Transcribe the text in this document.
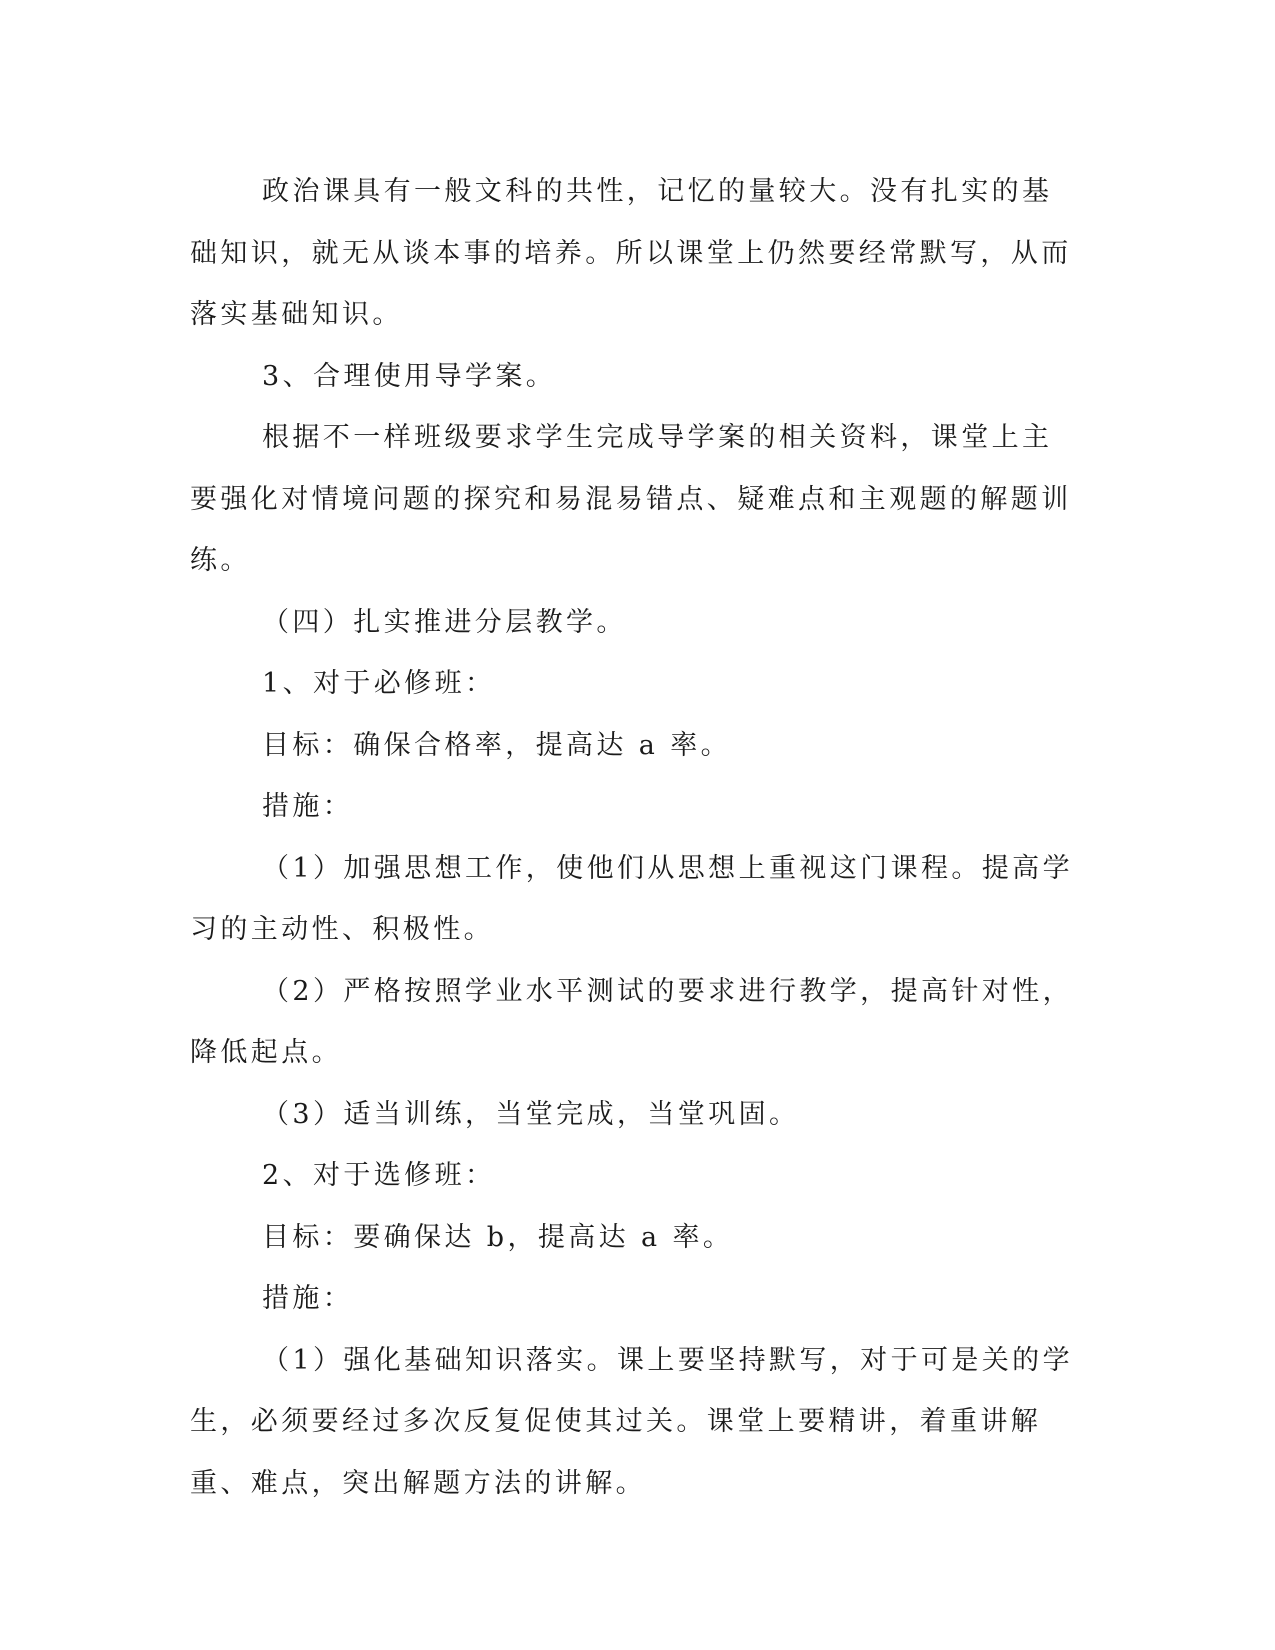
政治课具有一般文科的共性，记忆的量较大。没有扎实的基础知识，就无从谈本事的培养。所以课堂上仍然要经常默写，从而落实基础知识。

3、合理使用导学案。

根据不一样班级要求学生完成导学案的相关资料，课堂上主要强化对情境问题的探究和易混易错点、疑难点和主观题的解题训练。

（四）扎实推进分层教学。

1、对于必修班：

目标：确保合格率，提高达 a 率。

措施：

（1）加强思想工作，使他们从思想上重视这门课程。提高学习的主动性、积极性。

（2）严格按照学业水平测试的要求进行教学，提高针对性，降低起点。

（3）适当训练，当堂完成，当堂巩固。

2、对于选修班：

目标：要确保达 b，提高达 a 率。

措施：

（1）强化基础知识落实。课上要坚持默写，对于可是关的学生，必须要经过多次反复促使其过关。课堂上要精讲，着重讲解重、难点，突出解题方法的讲解。
